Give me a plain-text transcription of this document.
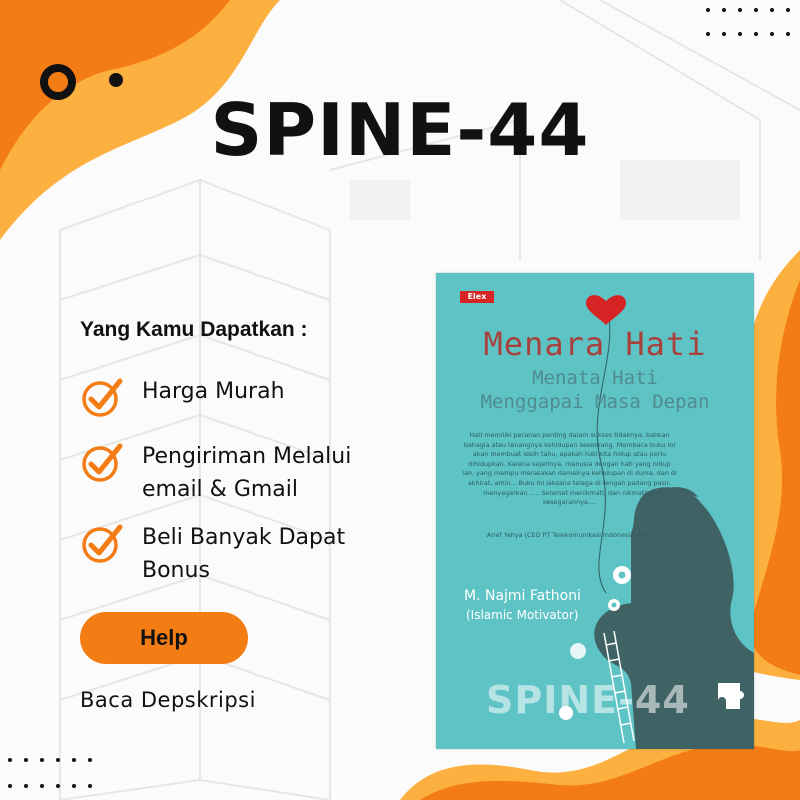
SPINE-44
Yang Kamu Dapatkan :
Harga Murah
Pengiriman Melalui email & Gmail
Beli Banyak Dapat Bonus
Help
Baca Depskripsi
Elex
Menara Hati
Menata Hati
Menggapai Masa Depan
Hati memiliki peranan penting dalam sukses tidaknya, bahkan bahagia atau tenangnya kehidupan seseorang. Membaca buku ini akan membuat lebih tahu, apakah hati kita hidup atau perlu dihidupkan. Karena sejatinya, manusia dengan hati yang hidup lah, yang mampu merasakan damainya kehidupan di dunia, dan di akhirat, amin... Buku ini laksana telaga di tengah padang pasir, menyegarkan ..... Selamat menikmati, dan nikmatilah kesegarannya....
Arief Yahya (CEO PT Telekomunikasi Indonesia, Tbk)
M. Najmi Fathoni
(Islamic Motivator)
SPINE-44
